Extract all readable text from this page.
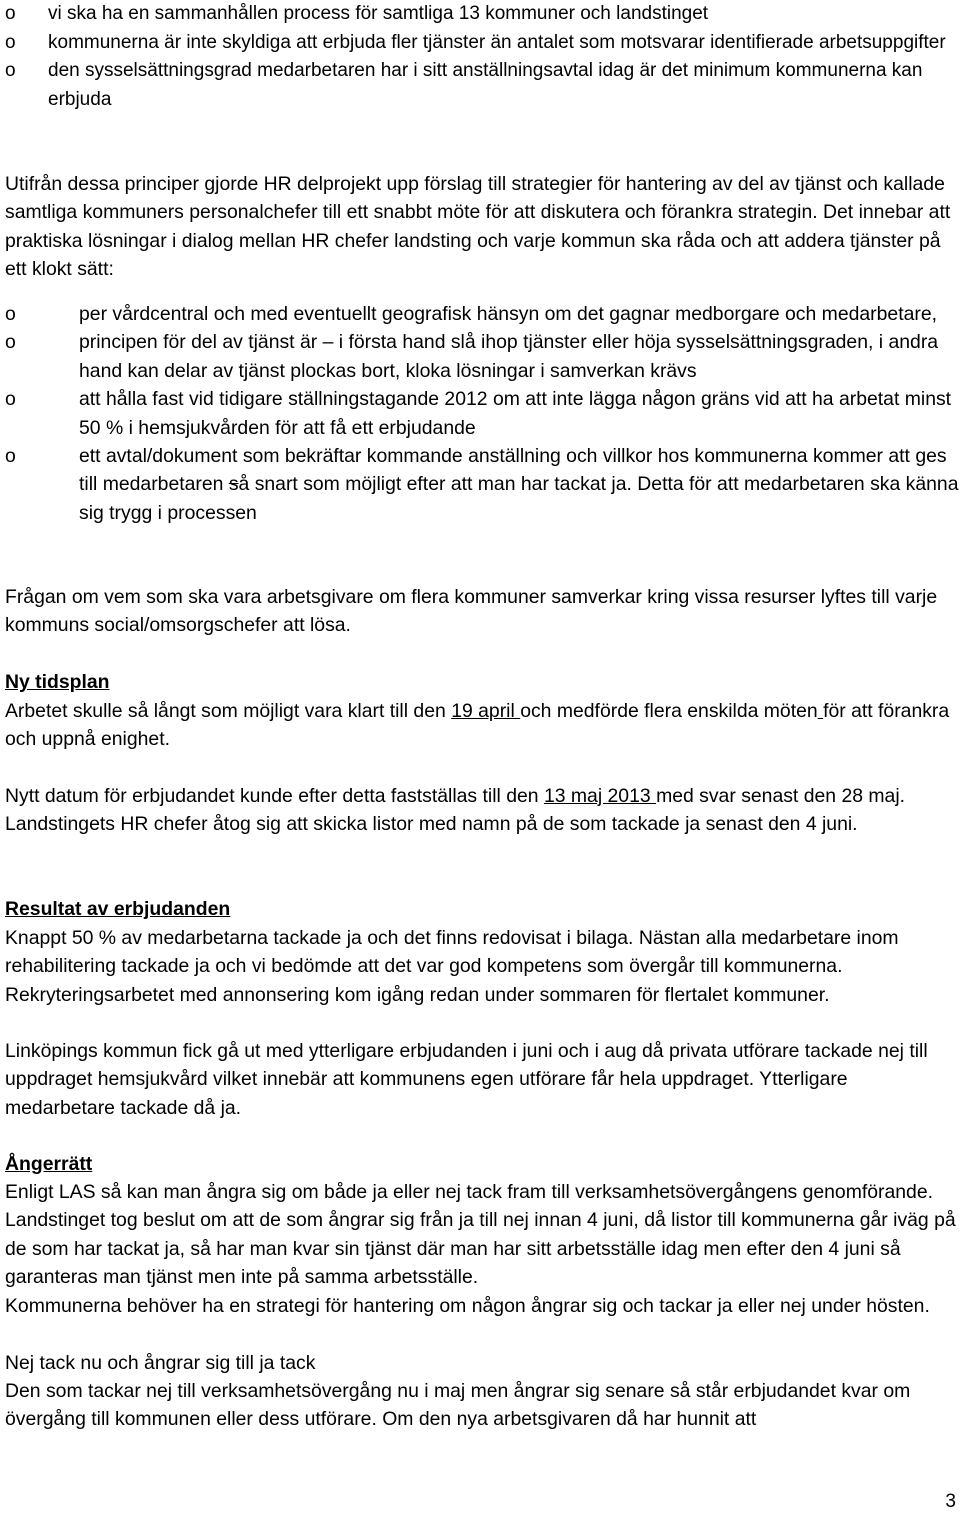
o vi ska ha en sammanhållen process för samtliga 13 kommuner och landstinget
o kommunerna är inte skyldiga att erbjuda fler tjänster än antalet som motsvarar identifierade arbetsuppgifter
o den sysselsättningsgrad medarbetaren har i sitt anställningsavtal idag är det minimum kommunerna kan erbjuda
Utifrån dessa principer gjorde HR delprojekt upp förslag till strategier för hantering av del av tjänst och kallade samtliga kommuners personalchefer till ett snabbt möte för att diskutera och förankra strategin. Det innebar att praktiska lösningar i dialog mellan HR chefer landsting och varje kommun ska råda och att addera tjänster på ett klokt sätt:
o	per vårdcentral och med eventuellt geografisk hänsyn om det gagnar medborgare och medarbetare,
o	principen för del av tjänst är – i första hand slå ihop tjänster eller höja sysselsättningsgraden, i andra hand kan delar av tjänst plockas bort, kloka lösningar i samverkan krävs
o	att hålla fast vid tidigare ställningstagande 2012 om att inte lägga någon gräns vid att ha arbetat minst 50 % i hemsjukvården för att få ett erbjudande
o	ett avtal/dokument som bekräftar kommande anställning och villkor hos kommunerna kommer att ges till medarbetaren så snart som möjligt efter att man har tackat ja. Detta för att medarbetaren ska känna sig trygg i processen
Frågan om vem som ska vara arbetsgivare om flera kommuner samverkar kring vissa resurser lyftes till varje kommuns social/omsorgschefer att lösa.
Ny tidsplan
Arbetet skulle så långt som möjligt vara klart till den 19 april och medförde flera enskilda möten för att förankra och uppnå enighet.
Nytt datum för erbjudandet kunde efter detta fastställas till den 13 maj 2013 med svar senast den 28 maj. Landstingets HR chefer åtog sig att skicka listor med namn på de som tackade ja senast den 4 juni.
Resultat av erbjudanden
Knappt 50 % av medarbetarna tackade ja och det finns redovisat i bilaga. Nästan alla medarbetare inom rehabilitering tackade ja och vi bedömde att det var god kompetens som övergår till kommunerna. Rekryteringsarbetet med annonsering kom igång redan under sommaren för flertalet kommuner.
Linköpings kommun fick gå ut med ytterligare erbjudanden i juni och i aug då privata utförare tackade nej till uppdraget hemsjukvård vilket innebär att kommunens egen utförare får hela uppdraget. Ytterligare medarbetare tackade då ja.
Ångerrätt
Enligt LAS så kan man ångra sig om både ja eller nej tack fram till verksamhetsövergångens genomförande. Landstinget tog beslut om att de som ångrar sig från ja till nej innan 4 juni, då listor till kommunerna går iväg på de som har tackat ja, så har man kvar sin tjänst där man har sitt arbetsställe idag men efter den 4 juni så garanteras man tjänst men inte på samma arbetsställe.
Kommunerna behöver ha en strategi för hantering om någon ångrar sig och tackar ja eller nej under hösten.
Nej tack nu och ångrar sig till ja tack
Den som tackar nej till verksamhetsövergång nu i maj men ångrar sig senare så står erbjudandet kvar om övergång till kommunen eller dess utförare. Om den nya arbetsgivaren då har hunnit att
3
